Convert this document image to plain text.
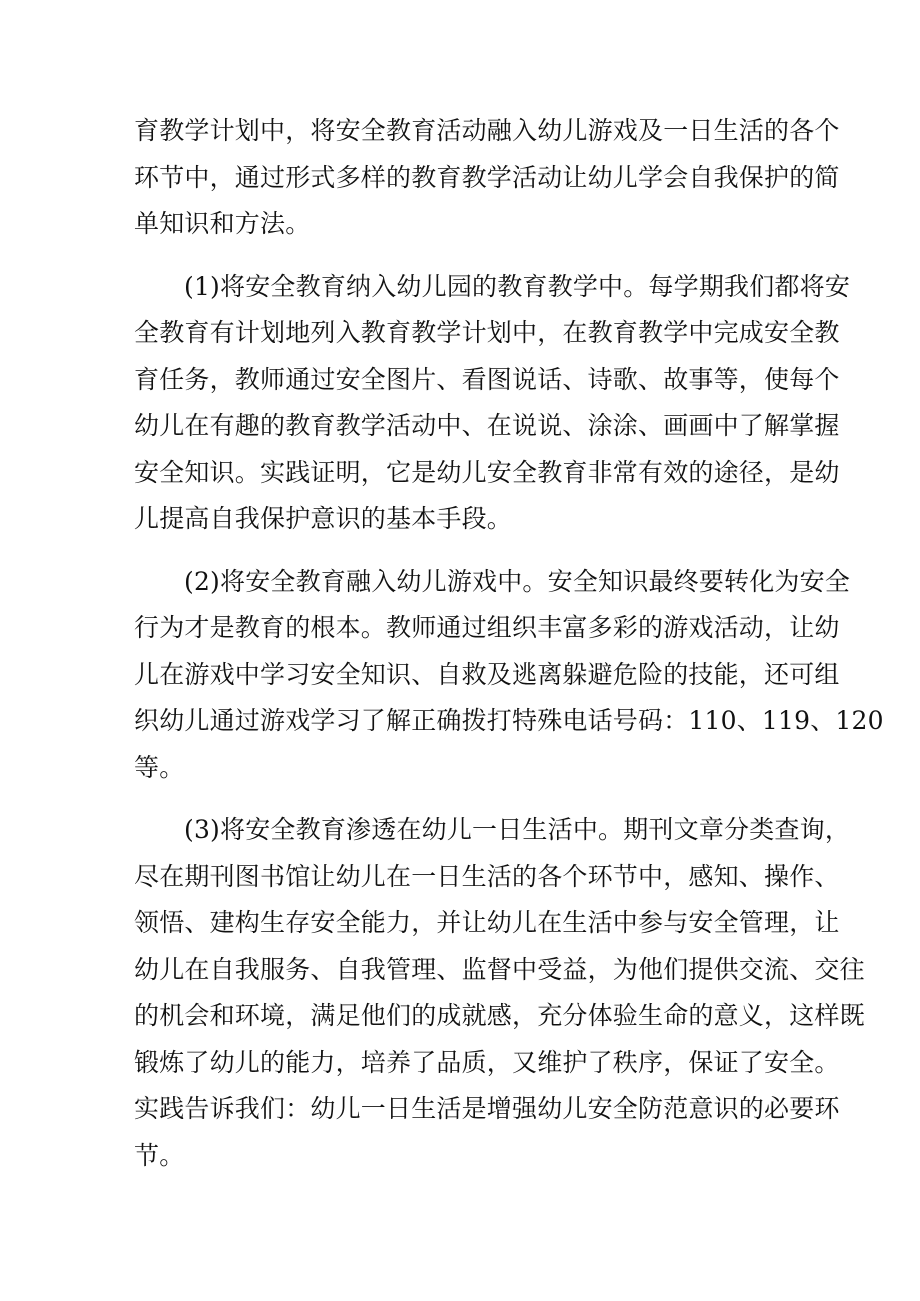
育教学计划中，将安全教育活动融入幼儿游戏及一日生活的各个
环节中，通过形式多样的教育教学活动让幼儿学会自我保护的简
单知识和方法。

(1)将安全教育纳入幼儿园的教育教学中。每学期我们都将安
全教育有计划地列入教育教学计划中，在教育教学中完成安全教
育任务，教师通过安全图片、看图说话、诗歌、故事等，使每个
幼儿在有趣的教育教学活动中、在说说、涂涂、画画中了解掌握
安全知识。实践证明，它是幼儿安全教育非常有效的途径，是幼
儿提高自我保护意识的基本手段。

(2)将安全教育融入幼儿游戏中。安全知识最终要转化为安全
行为才是教育的根本。教师通过组织丰富多彩的游戏活动，让幼
儿在游戏中学习安全知识、自救及逃离躲避危险的技能，还可组
织幼儿通过游戏学习了解正确拨打特殊电话号码：110、119、120
等。

(3)将安全教育渗透在幼儿一日生活中。期刊文章分类查询，
尽在期刊图书馆让幼儿在一日生活的各个环节中，感知、操作、
领悟、建构生存安全能力，并让幼儿在生活中参与安全管理，让
幼儿在自我服务、自我管理、监督中受益，为他们提供交流、交往
的机会和环境，满足他们的成就感，充分体验生命的意义，这样既
锻炼了幼儿的能力，培养了品质，又维护了秩序，保证了安全。
实践告诉我们：幼儿一日生活是增强幼儿安全防范意识的必要环
节。
